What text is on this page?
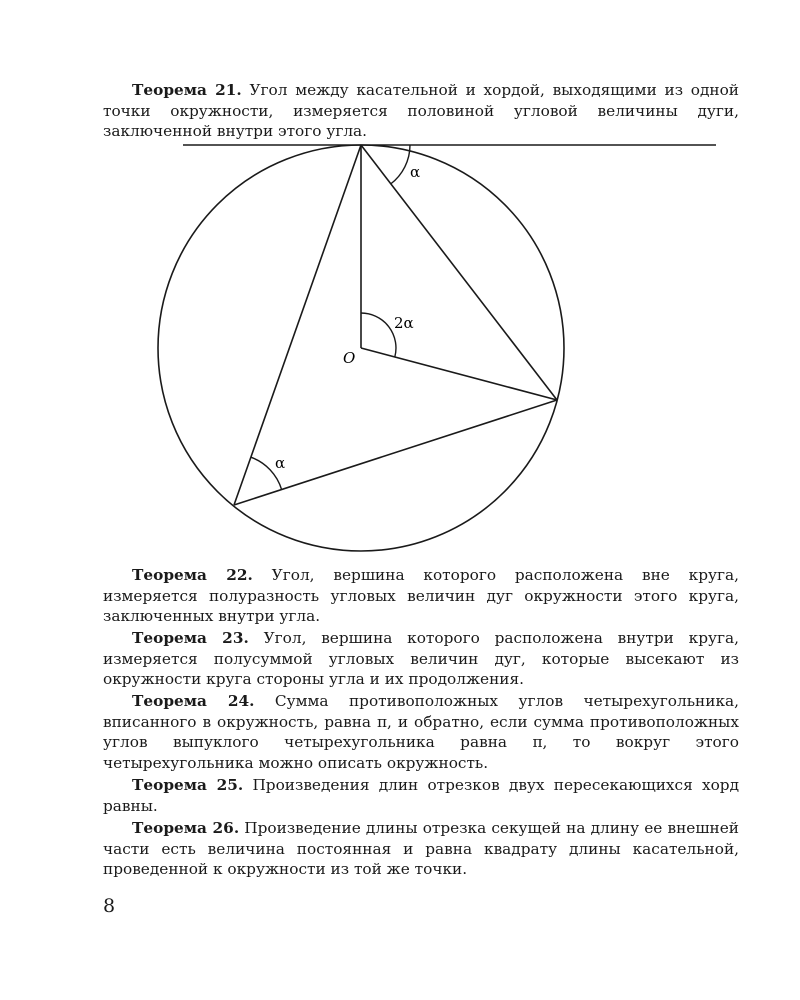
Теорема 21. Угол между касательной и хордой, выходящими из одной точки окружности, измеряется половиной угловой величины дуги, заключенной внутри этого угла.

α
2α
O
α

Теорема 22. Угол, вершина которого расположена вне круга, измеряется полуразность угловых величин дуг окружности этого круга, заключенных внутри угла.

Теорема 23. Угол, вершина которого расположена внутри круга, измеряется полусуммой угловых величин дуг, которые высекают из окружности круга стороны угла и их продолжения.

Теорема 24. Сумма противоположных углов четырехугольника, вписанного в окружность, равна π, и обратно, если сумма противоположных углов выпуклого четырехугольника равна π, то вокруг этого четырехугольника можно описать окружность.

Теорема 25. Произведения длин отрезков двух пересекающихся хорд равны.

Теорема 26. Произведение длины отрезка секущей на длину ее внешней части есть величина постоянная и равна квадрату длины касательной, проведенной к окружности из той же точки.

8
